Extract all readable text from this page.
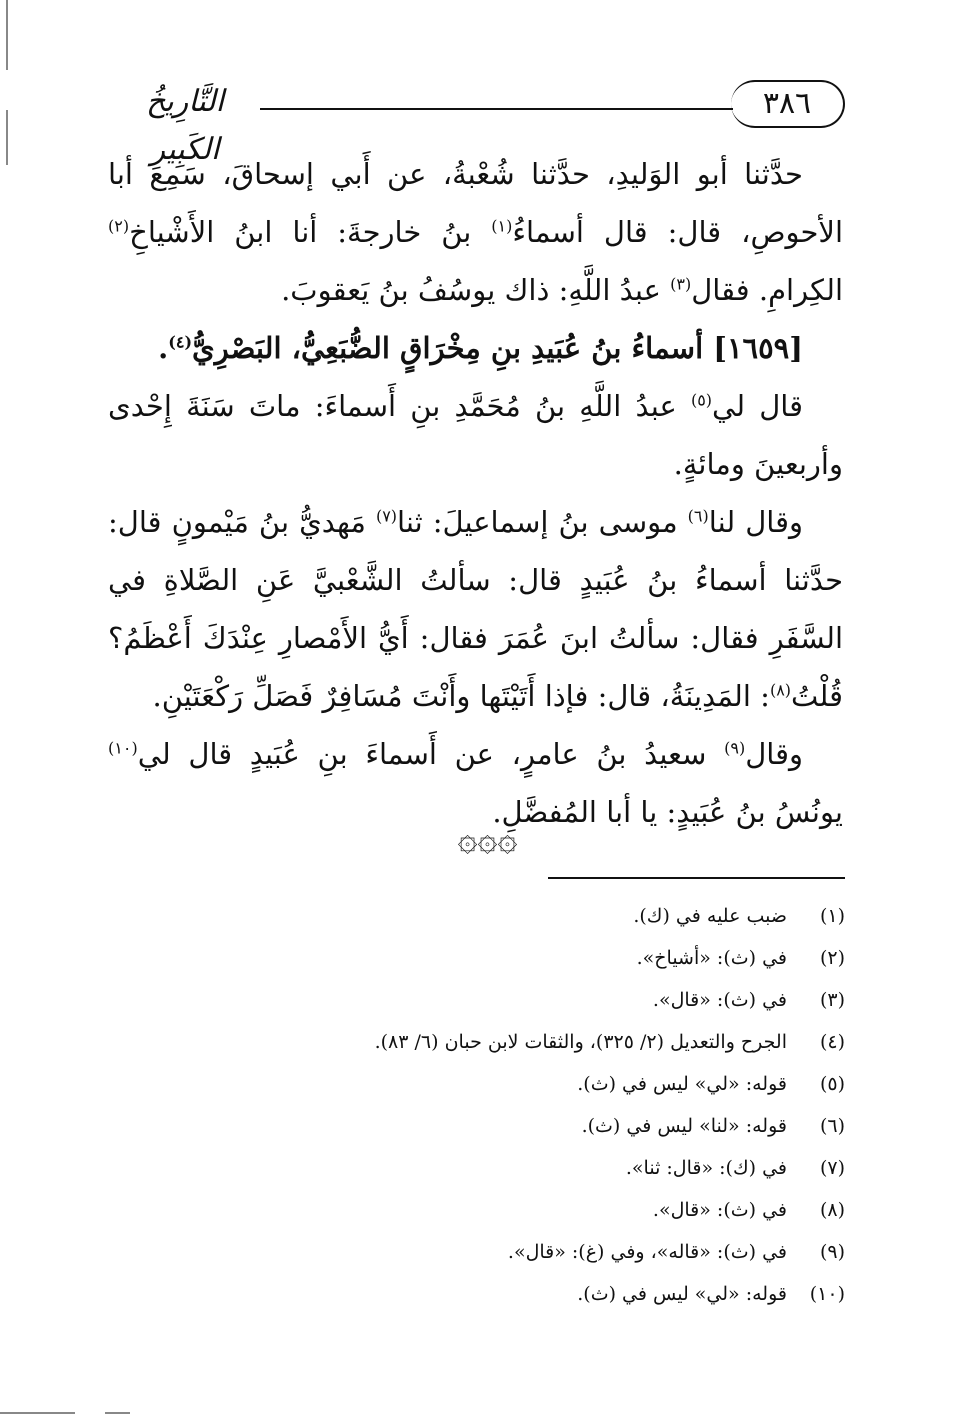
٣٨٦
التَّارِيخُ الكَبِير

حدَّثنا أبو الوَليدِ، حدَّثنا شُعْبةُ، عن أَبي إسحاقَ، سَمِعَ أبا الأحوصِ، قال: قال أسماءُ$^{(١)}$ بنُ خارجةَ: أنا ابنُ الأَشْياخِ$^{(٢)}$ الكِرامِ. فقال$^{(٣)}$ عبدُ اللَّهِ: ذاك يوسُفُ بنُ يَعقوبَ.

[١٦٥٩] أسماءُ بنُ عُبَيدِ بنِ مِخْرَاقٍ الضُّبَعِيُّ، البَصْرِيُّ$^{(٤)}$.

قال لي$^{(٥)}$ عبدُ اللَّهِ بنُ مُحَمَّدِ بنِ أَسماءَ: ماتَ سَنَةَ إِحْدى وأربعينَ ومائةٍ.

وقال لنا$^{(٦)}$ موسى بنُ إسماعيلَ: ثنا$^{(٧)}$ مَهديُّ بنُ مَيْمونٍ قال: حدَّثنا أسماءُ بنُ عُبَيدٍ قال: سألتُ الشَّعْبيَّ عَنِ الصَّلاةِ في السَّفَرِ فقال: سألتُ ابنَ عُمَرَ فقال: أَيُّ الأَمْصارِ عِنْدَكَ أَعْظَمُ؟ قُلْتُ$^{(٨)}$: المَدِينَةُ، قال: فإذا أَتَيْتَها وأَنْتَ مُسَافِرٌ فَصَلِّ رَكْعَتَيْنِ.

وقال$^{(٩)}$ سعيدُ بنُ عامرٍ، عن أَسماءَ بنِ عُبَيدٍ قال لي$^{(١٠)}$ يونُسُ بنُ عُبَيدٍ: يا أبا المُفضَّلِ.

۞۞۞
(١)
ضبب عليه في (ك).
(٢)
في (ث): «أشياخ».
(٣)
في (ث): «قال».
(٤)
الجرح والتعديل (٢/ ٣٢٥)، والثقات لابن حبان (٦/ ٨٣).
(٥)
قوله: «لي» ليس في (ث).
(٦)
قوله: «لنا» ليس في (ث).
(٧)
في (ك): «قال: ثنا».
(٨)
في (ث): «قال».
(٩)
في (ث): «قاله»، وفي (غ): «قال».
(١٠)
قوله: «لي» ليس في (ث).
